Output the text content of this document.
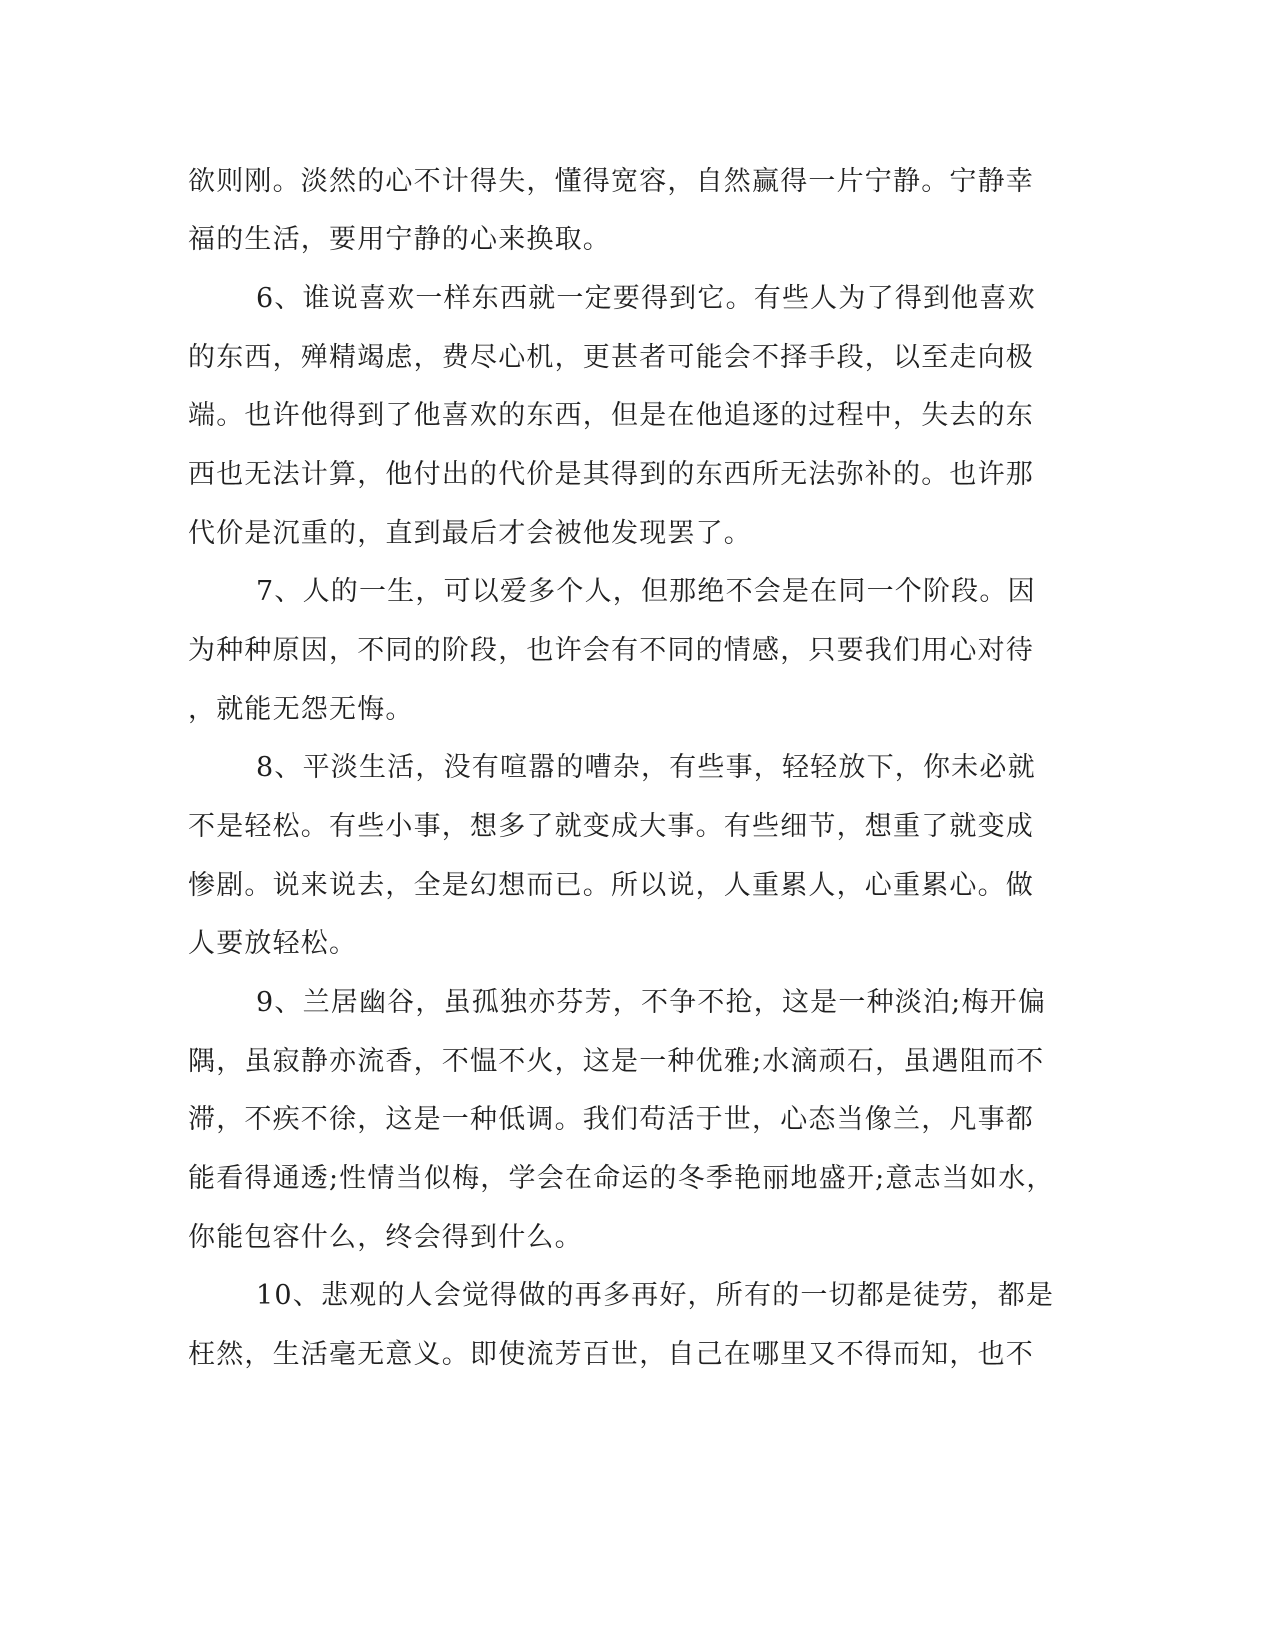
欲则刚。淡然的心不计得失，懂得宽容，自然赢得一片宁静。宁静幸
福的生活，要用宁静的心来换取。
6、谁说喜欢一样东西就一定要得到它。有些人为了得到他喜欢
的东西，殚精竭虑，费尽心机，更甚者可能会不择手段，以至走向极
端。也许他得到了他喜欢的东西，但是在他追逐的过程中，失去的东
西也无法计算，他付出的代价是其得到的东西所无法弥补的。也许那
代价是沉重的，直到最后才会被他发现罢了。
7、人的一生，可以爱多个人，但那绝不会是在同一个阶段。因
为种种原因，不同的阶段，也许会有不同的情感，只要我们用心对待
，就能无怨无悔。
8、平淡生活，没有喧嚣的嘈杂，有些事，轻轻放下，你未必就
不是轻松。有些小事，想多了就变成大事。有些细节，想重了就变成
惨剧。说来说去，全是幻想而已。所以说，人重累人，心重累心。做
人要放轻松。
9、兰居幽谷，虽孤独亦芬芳，不争不抢，这是一种淡泊;梅开偏
隅，虽寂静亦流香，不愠不火，这是一种优雅;水滴顽石，虽遇阻而不
滞，不疾不徐，这是一种低调。我们苟活于世，心态当像兰，凡事都
能看得通透;性情当似梅，学会在命运的冬季艳丽地盛开;意志当如水，
你能包容什么，终会得到什么。
10、悲观的人会觉得做的再多再好，所有的一切都是徒劳，都是
枉然，生活毫无意义。即使流芳百世，自己在哪里又不得而知，也不
